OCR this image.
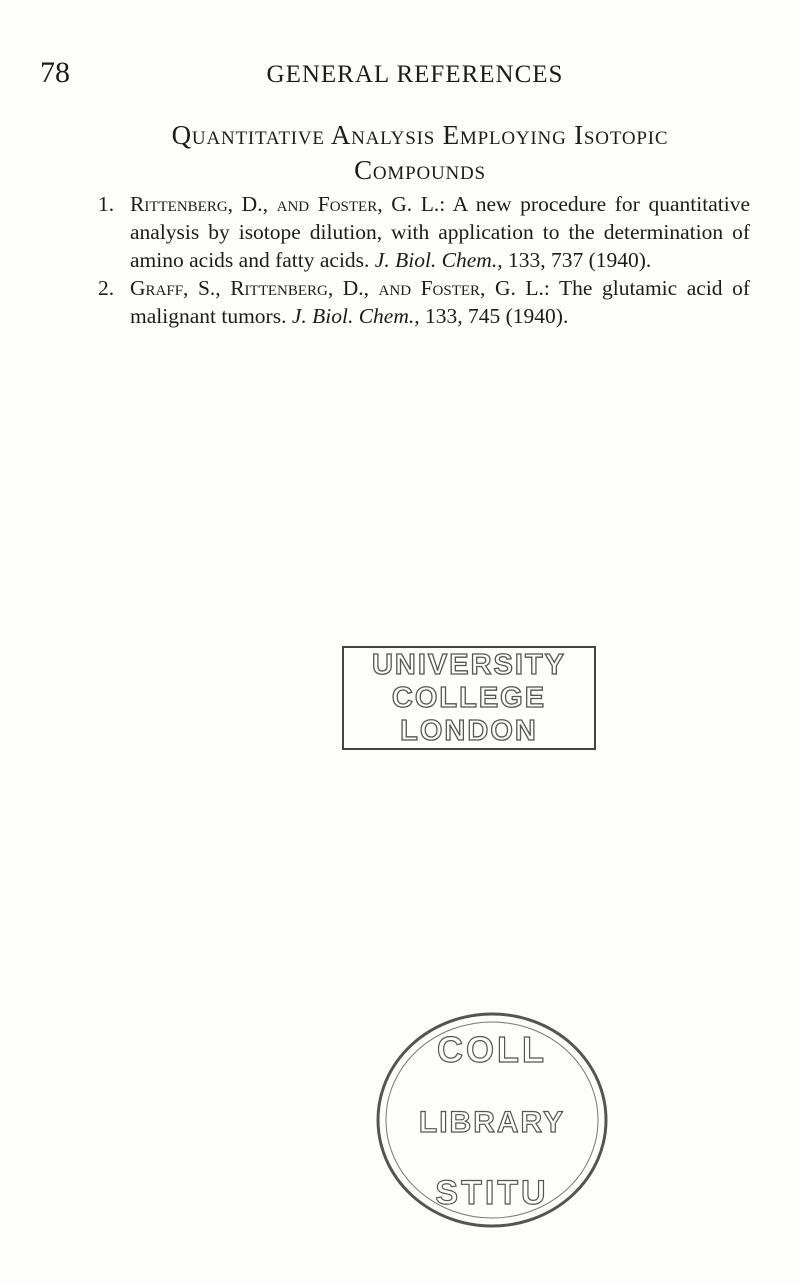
78	GENERAL REFERENCES
Quantitative Analysis Employing Isotopic
Compounds

1. Rittenberg, D., and Foster, G. L.: A new procedure for quantitative analysis by isotope dilution, with application to the determination of amino acids and fatty acids. J. Biol. Chem., 133, 737 (1940).

2. Graff, S., Rittenberg, D., and Foster, G. L.: The glutamic acid of malignant tumors. J. Biol. Chem., 133, 745 (1940).

UNIVERSITY
COLLEGE
LONDON
COLL
LIBRARY
STITU
